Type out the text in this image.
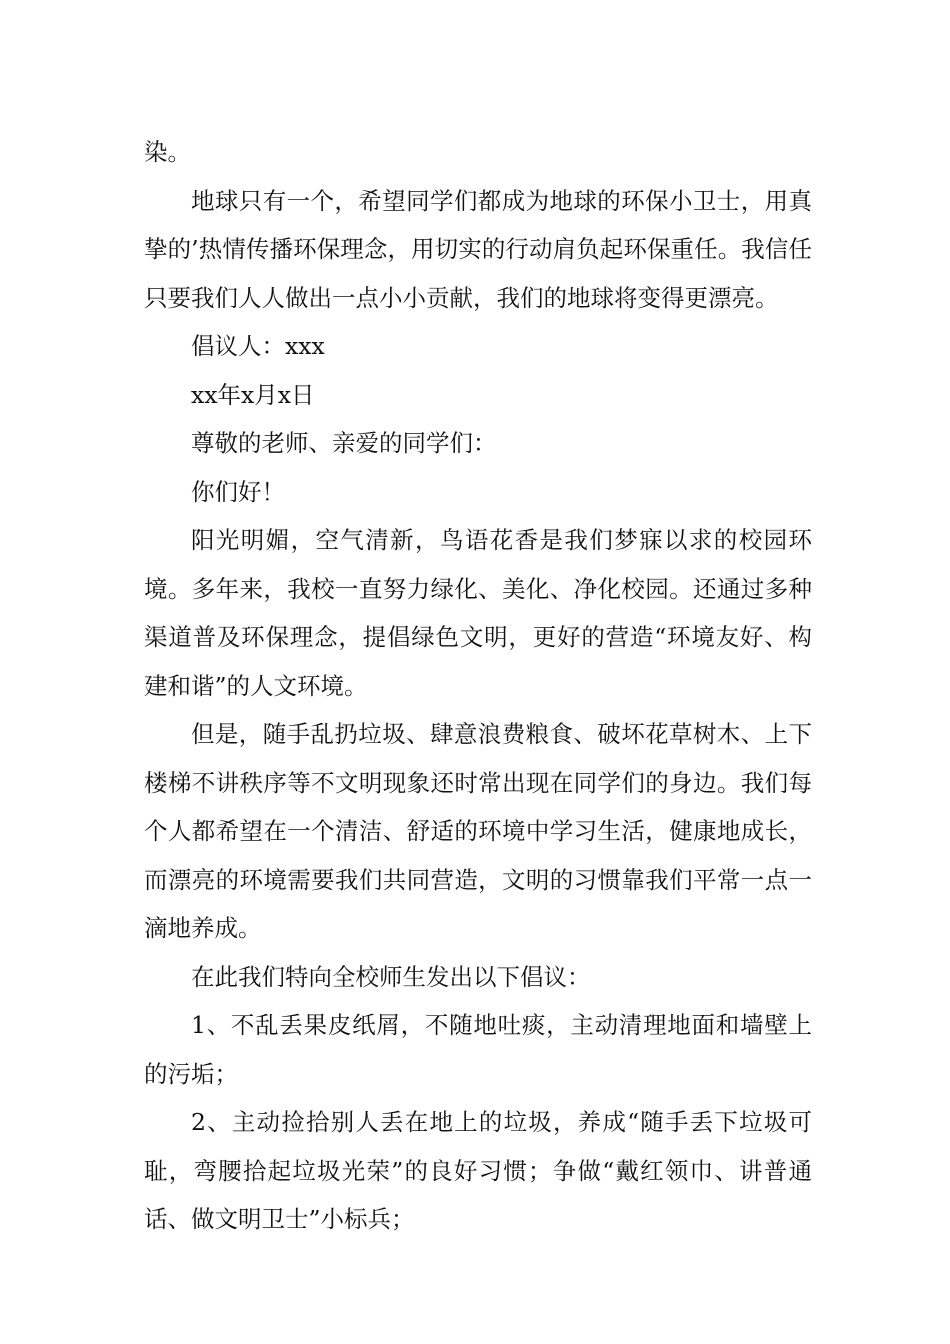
染。

地球只有一个，希望同学们都成为地球的环保小卫士，用真挚的’热情传播环保理念，用切实的行动肩负起环保重任。我信任只要我们人人做出一点小小贡献，我们的地球将变得更漂亮。

倡议人：xxx

xx年x月x日

尊敬的老师、亲爱的同学们：

你们好！

阳光明媚，空气清新，鸟语花香是我们梦寐以求的校园环境。多年来，我校一直努力绿化、美化、净化校园。还通过多种渠道普及环保理念，提倡绿色文明，更好的营造“环境友好、构建和谐”的人文环境。

但是，随手乱扔垃圾、肆意浪费粮食、破坏花草树木、上下楼梯不讲秩序等不文明现象还时常出现在同学们的身边。我们每个人都希望在一个清洁、舒适的环境中学习生活，健康地成长，而漂亮的环境需要我们共同营造，文明的习惯靠我们平常一点一滴地养成。

在此我们特向全校师生发出以下倡议：

1、不乱丢果皮纸屑，不随地吐痰，主动清理地面和墙壁上的污垢；

2、主动捡拾别人丢在地上的垃圾，养成“随手丢下垃圾可耻，弯腰拾起垃圾光荣”的良好习惯；争做“戴红领巾、讲普通话、做文明卫士”小标兵；
